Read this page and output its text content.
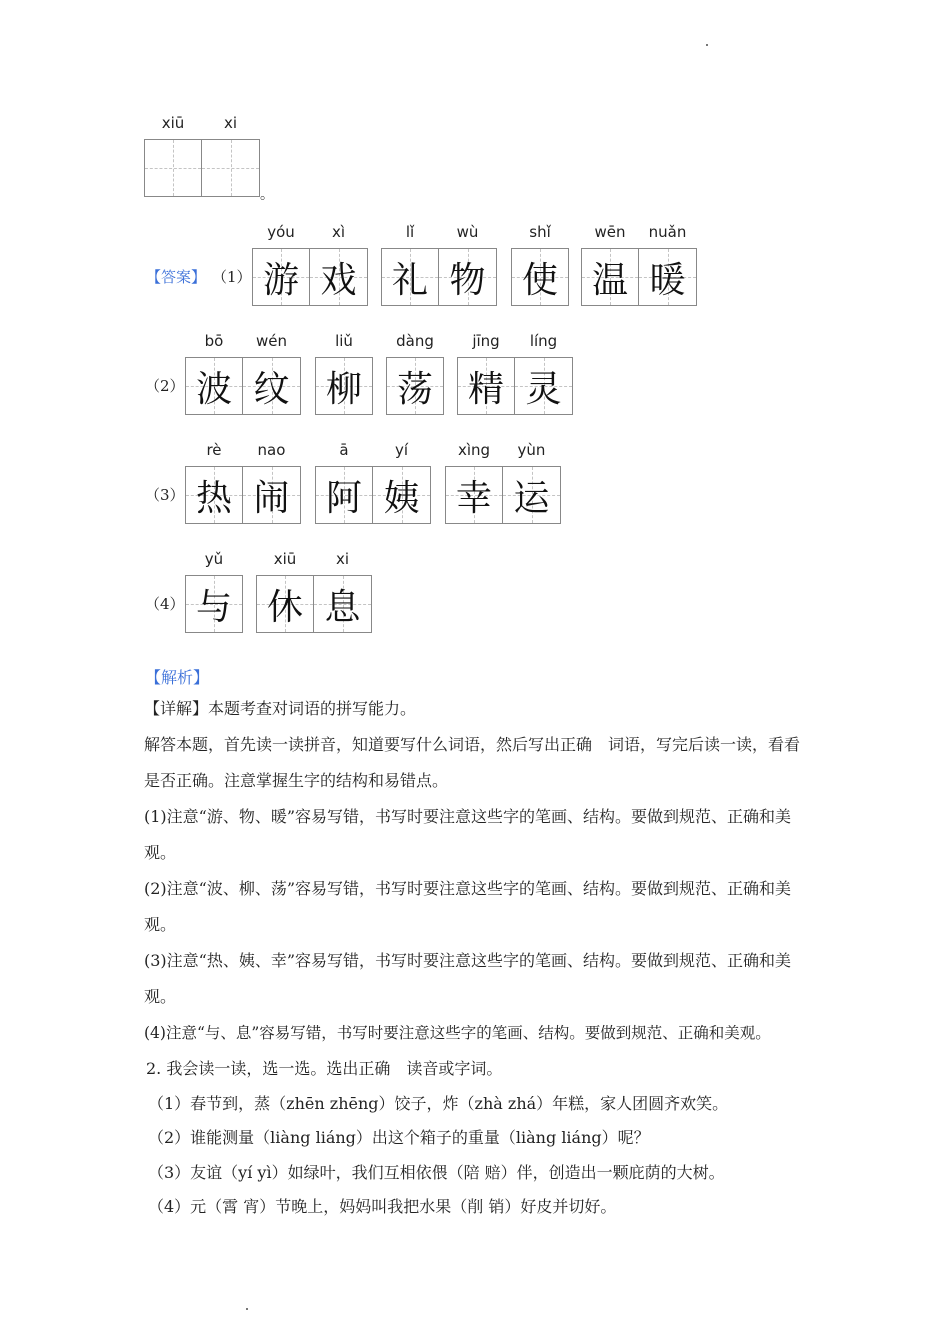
xiū	xi
。
【答案】 （1）
yóu
游
xì
戏
lǐ
礼
wù
物
shǐ
使
wēn
温
nuǎn
暖
（2）
bō
波
wén
纹
liǔ
柳
dàng
荡
jīng
精
líng
灵
（3）
rè
热
nao
闹
ā
阿
yí
姨
xìng
幸
yùn
运
（4）
yǔ
与
xiū
休
xi
息
【解析】
【详解】本题考查对词语的拼写能力。
解答本题，首先读一读拼音，知道要写什么词语，然后写出正确　词语，写完后读一读，看看是否正确。注意掌握生字的结构和易错点。
(1)注意“游、物、暖”容易写错，书写时要注意这些字的笔画、结构。要做到规范、正确和美观。
(2)注意“波、柳、荡”容易写错，书写时要注意这些字的笔画、结构。要做到规范、正确和美观。
(3)注意“热、姨、幸”容易写错，书写时要注意这些字的笔画、结构。要做到规范、正确和美观。
(4)注意“与、息”容易写错，书写时要注意这些字的笔画、结构。要做到规范、正确和美观。
2. 我会读一读，选一选。选出正确　读音或字词。
（1）春节到，蒸（zhēn zhēng）饺子，炸（zhà zhá）年糕，家人团圆齐欢笑。
（2）谁能测量（liàng liáng）出这个箱子的重量（liàng liáng）呢？
（3）友谊（yí yì）如绿叶，我们互相依偎（陪 赔）伴，创造出一颗庇荫的大树。
（4）元（霄 宵）节晚上，妈妈叫我把水果（削 销）好皮并切好。
